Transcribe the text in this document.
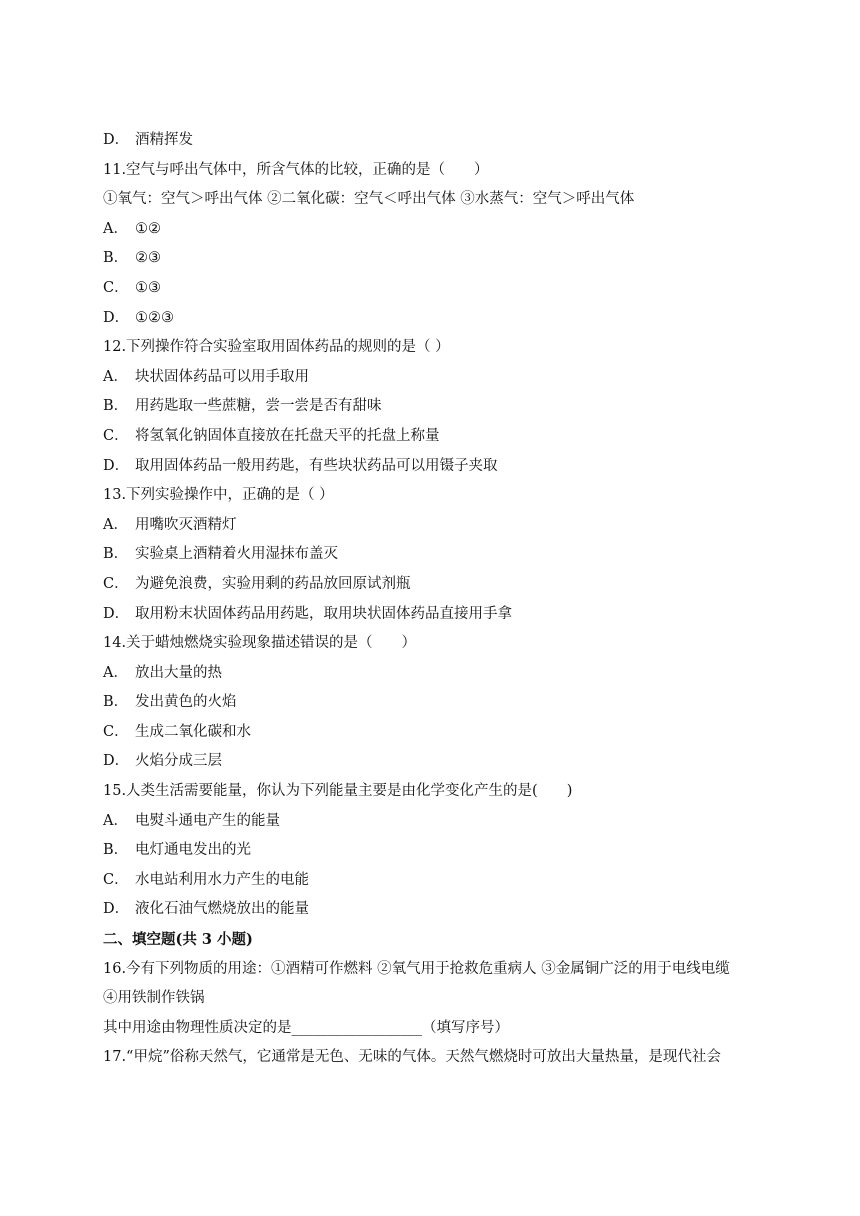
D． 酒精挥发
11.空气与呼出气体中，所含气体的比较，正确的是（　　）
①氧气：空气＞呼出气体 ②二氧化碳：空气＜呼出气体 ③水蒸气：空气＞呼出气体
A． ①②
B． ②③
C． ①③
D． ①②③
12.下列操作符合实验室取用固体药品的规则的是（ ）
A． 块状固体药品可以用手取用
B． 用药匙取一些蔗糖，尝一尝是否有甜味
C． 将氢氧化钠固体直接放在托盘天平的托盘上称量
D． 取用固体药品一般用药匙，有些块状药品可以用镊子夹取
13.下列实验操作中，正确的是（ ）
A． 用嘴吹灭酒精灯
B． 实验桌上酒精着火用湿抹布盖灭
C． 为避免浪费，实验用剩的药品放回原试剂瓶
D． 取用粉末状固体药品用药匙，取用块状固体药品直接用手拿
14.关于蜡烛燃烧实验现象描述错误的是（　　）
A． 放出大量的热
B． 发出黄色的火焰
C． 生成二氧化碳和水
D． 火焰分成三层
15.人类生活需要能量，你认为下列能量主要是由化学变化产生的是(　　)
A． 电熨斗通电产生的能量
B． 电灯通电发出的光
C． 水电站利用水力产生的电能
D． 液化石油气燃烧放出的能量
二、填空题(共 3 小题)
16.今有下列物质的用途：①酒精可作燃料 ②氧气用于抢救危重病人 ③金属铜广泛的用于电线电缆
④用铁制作铁锅
其中用途由物理性质决定的是__________________（填写序号）
17.“甲烷”俗称天然气，它通常是无色、无味的气体。天然气燃烧时可放出大量热量，是现代社会
